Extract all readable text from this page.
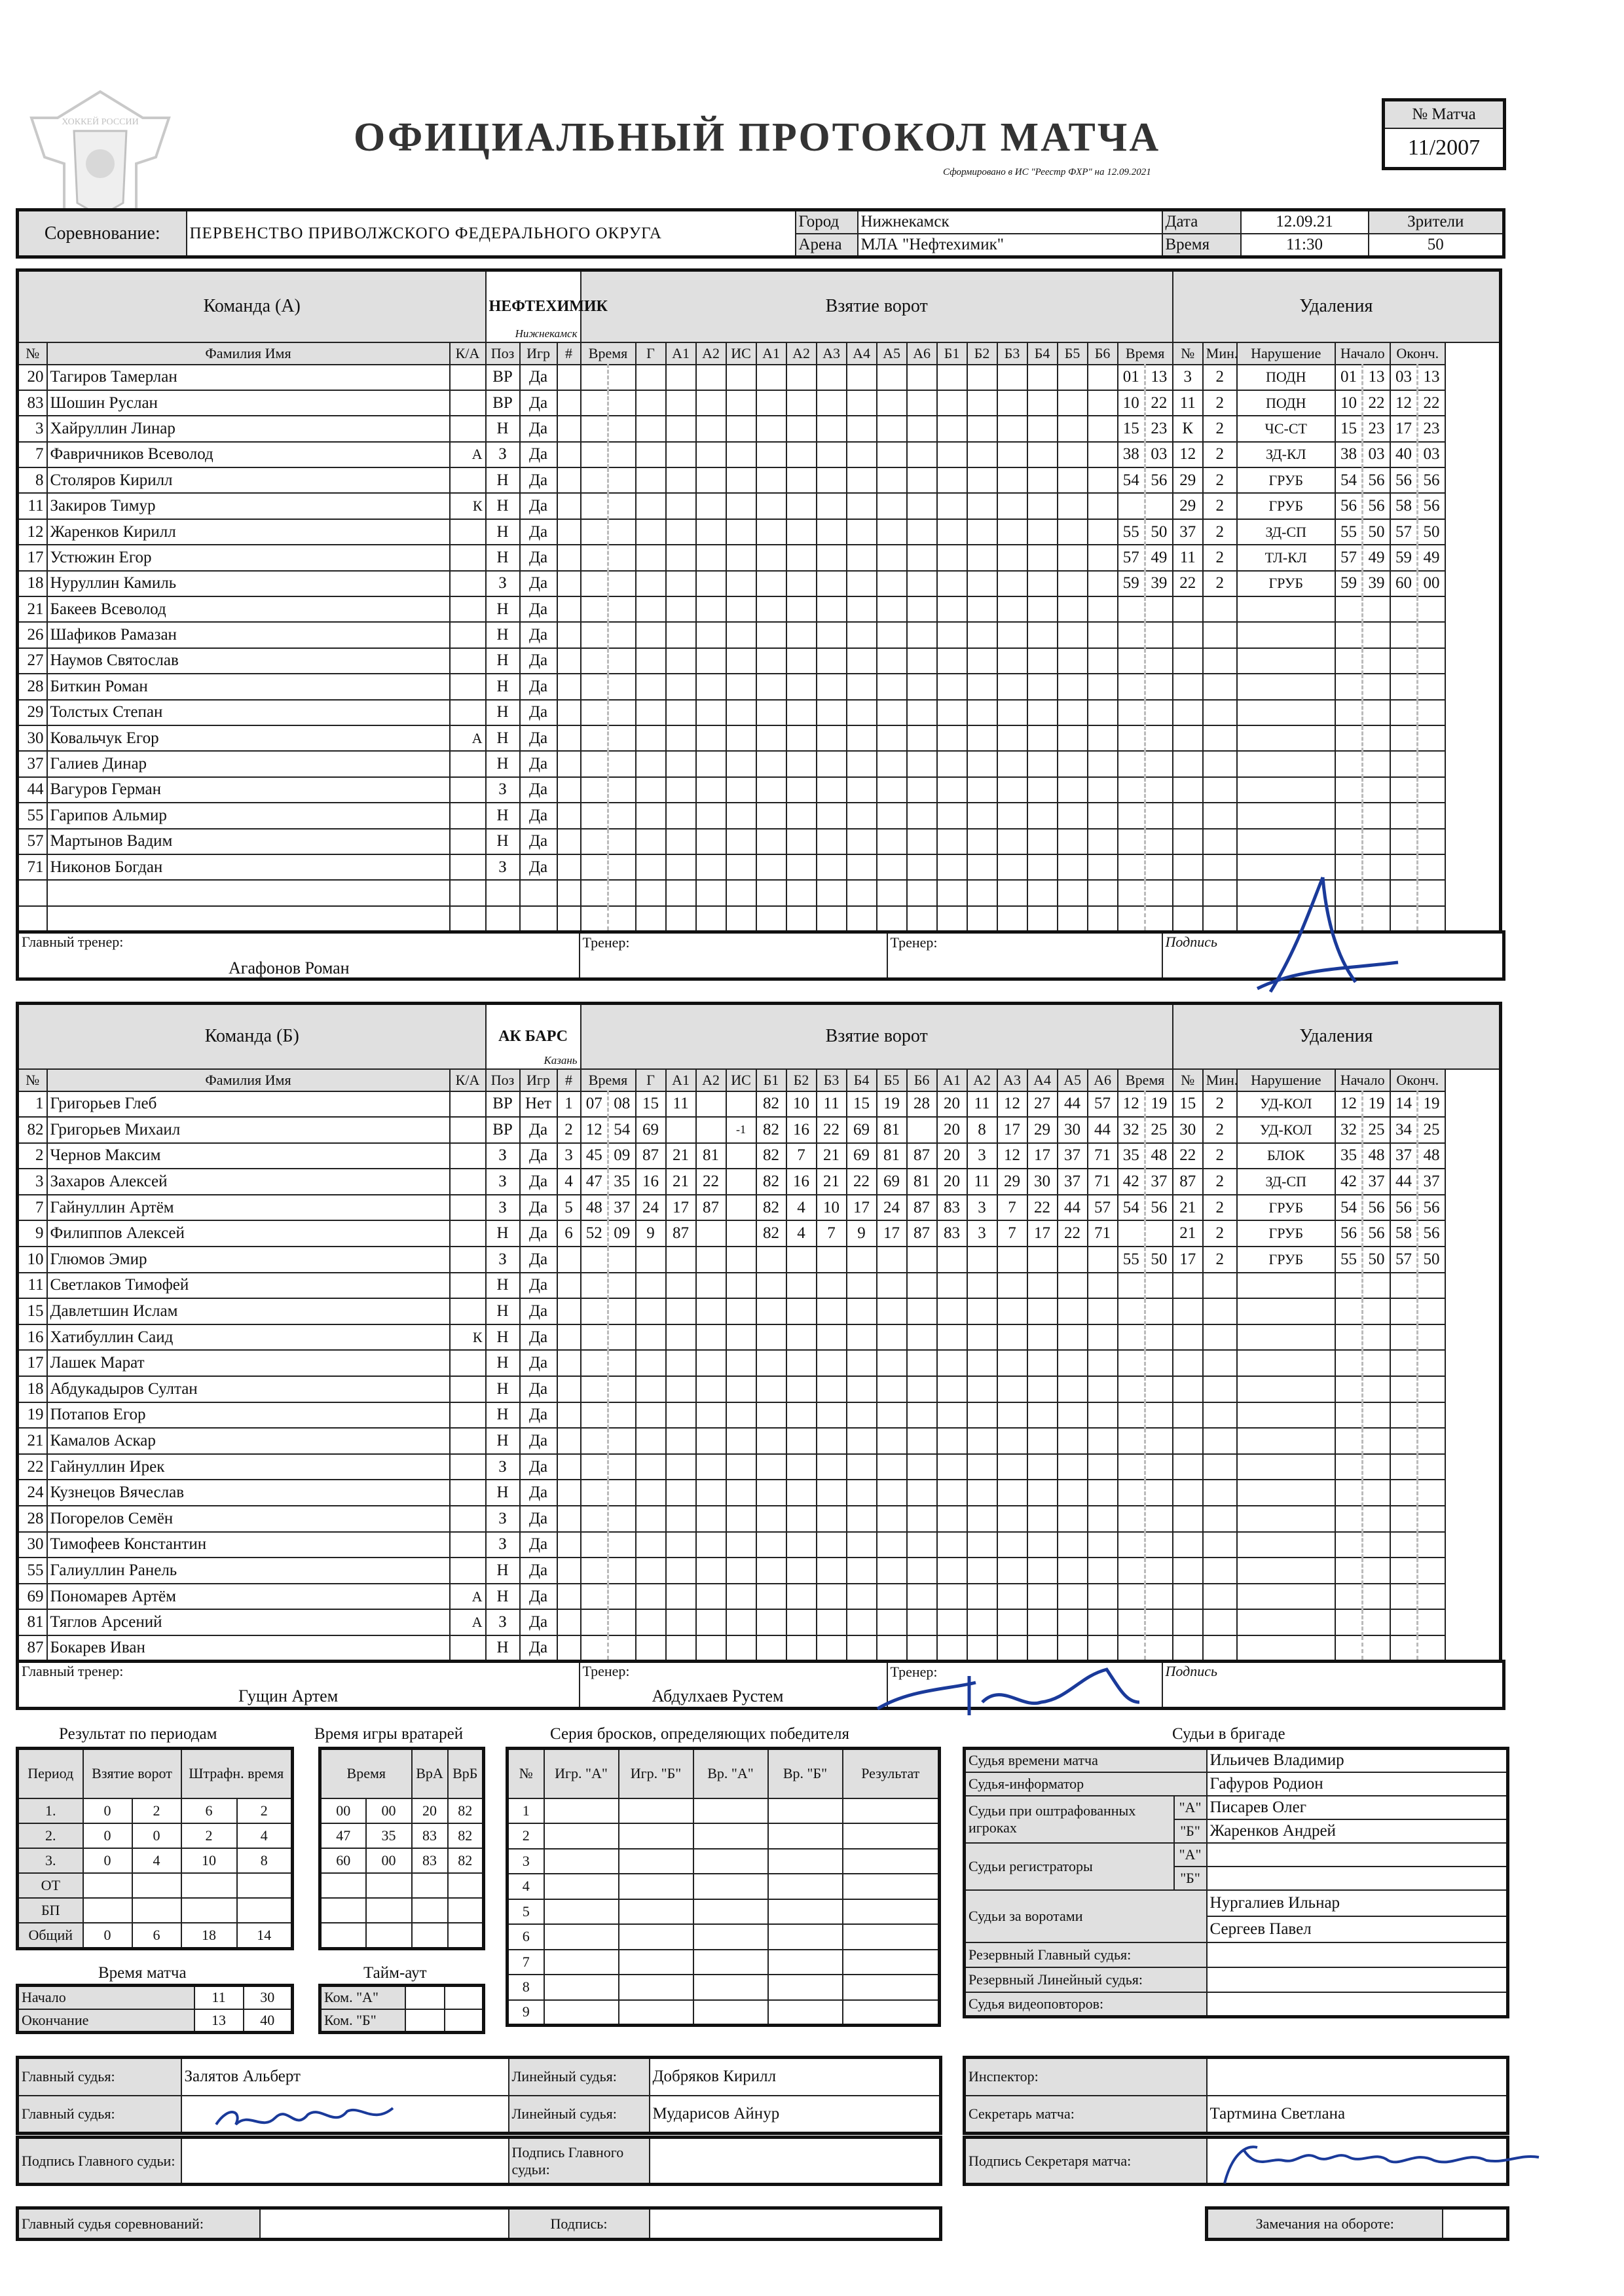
ХОККЕЙ РОССИИ	ОФИЦИАЛЬНЫЙ ПРОТОКОЛ МАТЧА
Сформировано в ИС "Реестр ФХР" на 12.09.2021
№ Матча
11/2007
Соревнование:	ПЕРВЕНСТВО ПРИВОЛЖСКОГО ФЕДЕРАЛЬНОГО ОКРУГА	Город	Нижнекамск	Дата	12.09.21	Зрители
		Арена	МЛА "Нефтехимик"	Время	11:30	50
Команда (А)			НЕФТЕХИМИК
Нижнекамск			Взятие ворот																				Удаления						
№	Фамилия Имя	К/А	Поз	Игр	#	Время		Г	А1	А2	ИС	А1	А2	А3	А4	А5	А6	Б1	Б2	Б3	Б4	Б5	Б6	Время		№	Мин.	Нарушение	Начало		Оконч.	
20	Тагиров Тамерлан		ВР	Да																				01	13	3	2	ПОДН	01	13	03	13
83	Шошин Руслан		ВР	Да																				10	22	11	2	ПОДН	10	22	12	22
3	Хайруллин Линар		Н	Да																				15	23	К	2	ЧС-СТ	15	23	17	23
7	Фавричников Всеволод	А	З	Да																				38	03	12	2	ЗД-КЛ	38	03	40	03
8	Столяров Кирилл		Н	Да																				54	56	29	2	ГРУБ	54	56	56	56
11	Закиров Тимур	К	Н	Да																						29	2	ГРУБ	56	56	58	56
12	Жаренков Кирилл		Н	Да																				55	50	37	2	ЗД-СП	55	50	57	50
17	Устюжин Егор		Н	Да																				57	49	11	2	ТЛ-КЛ	57	49	59	49
18	Нуруллин Камиль		З	Да																				59	39	22	2	ГРУБ	59	39	60	00
21	Бакеев Всеволод		Н	Да																												
26	Шафиков Рамазан		Н	Да																												
27	Наумов Святослав		Н	Да																												
28	Биткин Роман		Н	Да																												
29	Толстых Степан		Н	Да																												
30	Ковальчук Егор	А	Н	Да																												
37	Галиев Динар		Н	Да																												
44	Вагуров Герман		З	Да																												
55	Гарипов Альмир		Н	Да																												
57	Мартынов Вадим		Н	Да																												
71	Никонов Богдан		З	Да																												

Главный тренер:
Агафонов Роман
	Тренер:	Тренер:	Подпись
Команда (Б)			АК БАРС
Казань			Взятие ворот																				Удаления						
№	Фамилия Имя	К/А	Поз	Игр	#	Время		Г	А1	А2	ИС	Б1	Б2	Б3	Б4	Б5	Б6	А1	А2	А3	А4	А5	А6	Время		№	Мин.	Нарушение	Начало		Оконч.	
1	Григорьев Глеб		ВР	Нет	1	07	08	15	11			82	10	11	15	19	28	20	11	12	27	44	57	12	19	15	2	УД-КОЛ	12	19	14	19
82	Григорьев Михаил		ВР	Да	2	12	54	69			-1	82	16	22	69	81		20	8	17	29	30	44	32	25	30	2	УД-КОЛ	32	25	34	25
2	Чернов Максим		З	Да	3	45	09	87	21	81		82	7	21	69	81	87	20	3	12	17	37	71	35	48	22	2	БЛОК	35	48	37	48
3	Захаров Алексей		З	Да	4	47	35	16	21	22		82	16	21	22	69	81	20	11	29	30	37	71	42	37	87	2	ЗД-СП	42	37	44	37
7	Гайнуллин Артём		З	Да	5	48	37	24	17	87		82	4	10	17	24	87	83	3	7	22	44	57	54	56	21	2	ГРУБ	54	56	56	56
9	Филиппов Алексей		Н	Да	6	52	09	9	87			82	4	7	9	17	87	83	3	7	17	22	71			21	2	ГРУБ	56	56	58	56
10	Глюмов Эмир		З	Да																				55	50	17	2	ГРУБ	55	50	57	50
11	Светлаков Тимофей		Н	Да																												
15	Давлетшин Ислам		Н	Да																												
16	Хатибуллин Саид	К	Н	Да																												
17	Лашек Марат		Н	Да																												
18	Абдукадыров Султан		Н	Да																												
19	Потапов Егор		Н	Да																												
21	Камалов Аскар		Н	Да																												
22	Гайнуллин Ирек		З	Да																												
24	Кузнецов Вячеслав		Н	Да																												
28	Погорелов Семён		З	Да																												
30	Тимофеев Константин		З	Да																												
55	Галиуллин Ранель		Н	Да																												
69	Пономарев Артём	А	Н	Да																												
81	Тяглов Арсений	А	З	Да																												
87	Бокарев Иван		Н	Да																												
Главный тренер:
Гущин Артем
	Тренер:
Абдулхаев Рустем
	Тренер:	Подпись
Результат по периодам
Период	Взятие ворот		Штрафн. время	
1.	0	2	6	2
2.	0	0	2	4
3.	0	4	10	8
ОТ				
БП				
Общий	0	6	18	14
Время игры вратарей
Время		ВрА	ВрБ
00	00	20	82
47	35	83	82
60	00	83	82

Время матча
Начало	11	30
Окончание	13	40
Тайм-аут
Ком. "А"		
Ком. "Б"		
Серия бросков, определяющих победителя
№	Игр. "А"	Игр. "Б"	Вр. "А"	Вр. "Б"	Результат
1					
2					
3					
4					
5					
6					
7					
8					
9					
Судьи в бригаде
Судья времени матча		Ильичев Владимир
Судья-информатор		Гафуров Родион
Судьи при оштрафованных игроках	"А"	Писарев Олег
	"Б"	Жаренков Андрей
Судьи регистраторы	"А"	
	"Б"	
Судьи за воротами		Нургалиев Ильнар
		Сергеев Павел
Резервный Главный судья:		
Резервный Линейный судья:		
Судья видеоповторов:		
Главный судья:	Залятов Альберт	Линейный судья:	Добряков Кирилл
Главный судья:		Линейный судья:	Мударисов Айнур
Подпись Главного судьи:		Подпись Главного судьи:	
Главный судья соревнований:		Подпись:	
Инспектор:	
Секретарь матча:	Тартмина Светлана
Подпись Секретаря матча:	
Замечания на обороте:	
